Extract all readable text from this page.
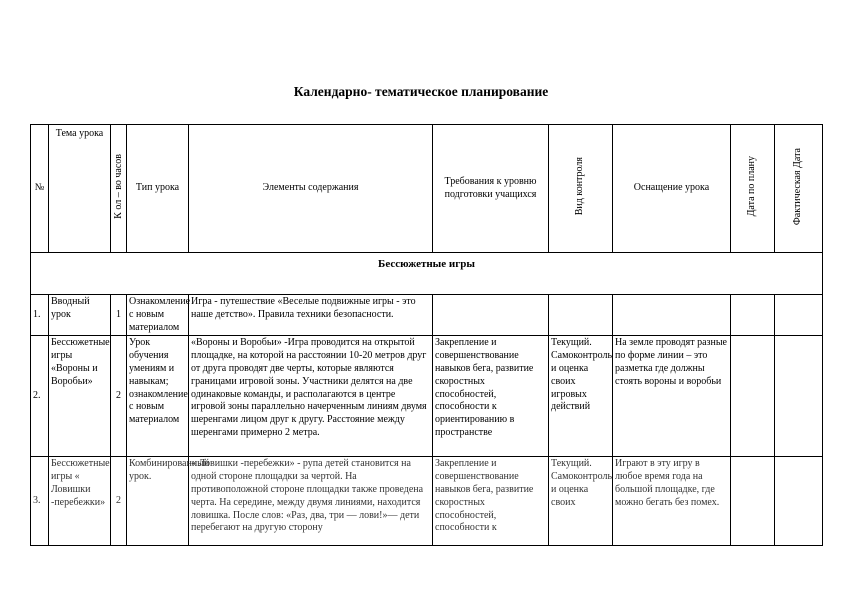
Календарно- тематическое планирование
№	Тема урока	К ол – во часов	Тип урока	Элементы содержания	Требования к уровню подготовки учащихся	Вид контроля	Оснащение урока	Дата по плану	Фактическая Дата
Бессюжетные игры									
1.	Вводный урок	1	Ознакомление с новым материалом	Игра - путешествие «Веселые подвижные игры - это наше детство». Правила техники безопасности.					
2.	Бессюжетные игры «Вороны и Воробьи»	2	Урок обучения умениям и навыкам; ознакомление с новым материалом	«Вороны и Воробьи» -Игра проводится на открытой площадке, на которой на расстоянии 10-20 метров друг от друга проводят две черты, которые являются границами игровой зоны. Участники делятся на две одинаковые команды, и располагаются в центре игровой зоны параллельно начерченным линиям двумя шеренгами лицом друг к другу. Расстояние между шеренгами примерно 2 метра.	Закрепление и совершенствование навыков бега, развитие скоростных способностей, способности к ориентированию в пространстве	Текущий. Самоконтроль и оценка своих игровых действий	На земле проводят разные по форме линии – это разметка где должны стоять вороны и воробьи		
3.	Бессюжетные игры « Ловишки -перебежки»	2	Комбинированный урок.	« Ловишки -перебежки» - рупа детей становится на одной стороне площадки за чертой. На противоположной стороне площадки также проведена черта. На середине, между двумя линиями, находится ловишка. После слов: «Раз, два, три — лови!»— дети перебегают на другую сторону	Закрепление и совершенствование навыков бега, развитие скоростных способностей, способности к	Текущий. Самоконтроль и оценка своих	Играют в эту игру в любое время года на большой площадке, где можно бегать без помех.		
